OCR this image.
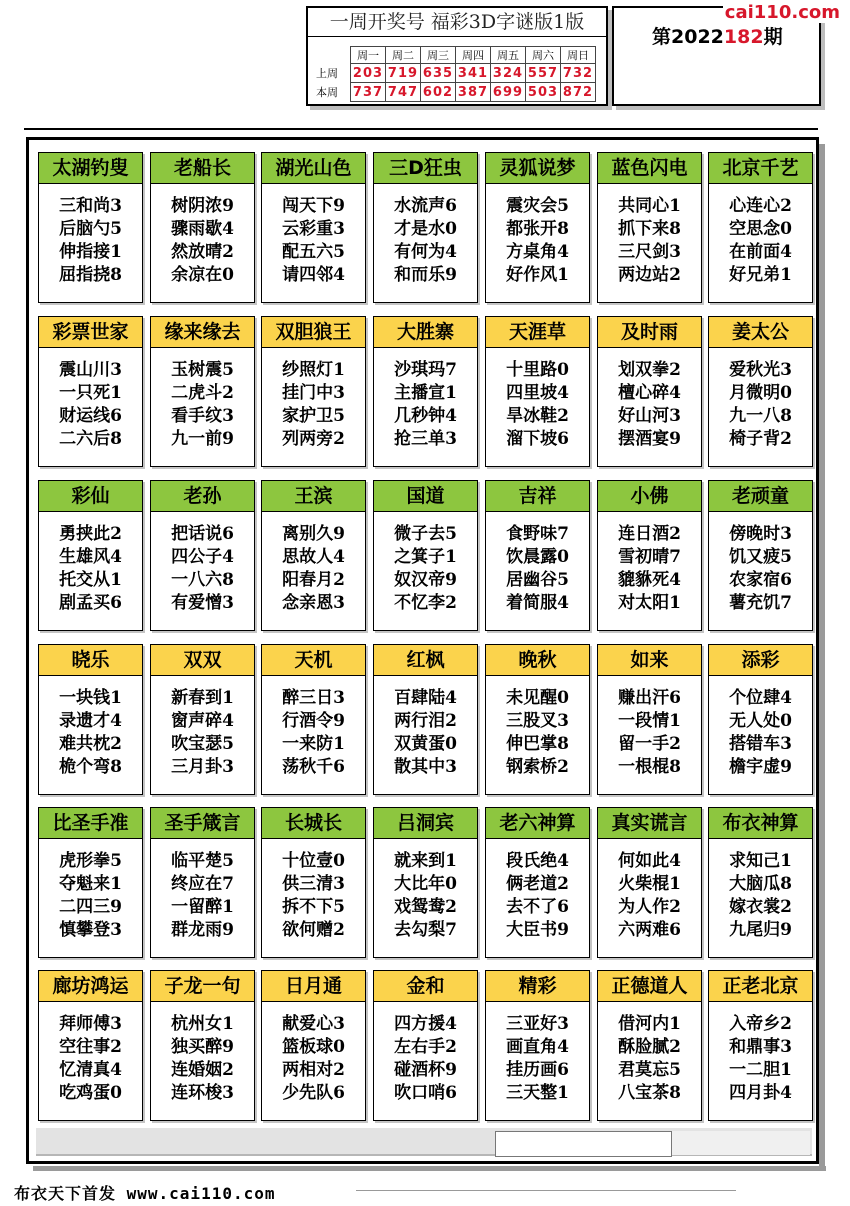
一周开奖号 福彩3D字谜版1版
	周一	周二	周三	周四	周五	周六	周日
上周	203	719	635	341	324	557	732
本周	737	747	602	387	699	503	872
第2022182期
cai110.com
太湖钓叟
三和尚3
后脑勺5
伸指接1
屈指挠8
老船长
树阴浓9
骤雨歇4
然放晴2
余凉在0
湖光山色
闯天下9
云彩重3
配五六5
请四邻4
三D狂虫
水流声6
才是水0
有何为4
和而乐9
灵狐说梦
震灾会5
都张开8
方桌角4
好作风1
蓝色闪电
共同心1
抓下来8
三尺剑3
两边站2
北京千艺
心连心2
空思念0
在前面4
好兄弟1
彩票世家
震山川3
一只死1
财运线6
二六后8
缘来缘去
玉树震5
二虎斗2
看手纹3
九一前9
双胆狼王
纱照灯1
挂门中3
家护卫5
列两旁2
大胜寨
沙琪玛7
主播宣1
几秒钟4
抢三单3
天涯草
十里路0
四里坡4
旱冰鞋2
溜下坡6
及时雨
划双拳2
檀心碎4
好山河3
摆酒宴9
姜太公
爱秋光3
月微明0
九一八8
椅子背2
彩仙
勇挟此2
生雄风4
托交从1
剧孟买6
老孙
把话说6
四公子4
一八六8
有爱憎3
王滨
离别久9
思故人4
阳春月2
念亲恩3
国道
微子去5
之箕子1
奴汉帝9
不忆李2
吉祥
食野味7
饮晨露0
居幽谷5
着简服4
小佛
连日酒2
雪初晴7
貔貅死4
对太阳1
老顽童
傍晚时3
饥又疲5
农家宿6
薯充饥7
晓乐
一块钱1
录遗才4
难共枕2
桅个弯8
双双
新春到1
窗声碎4
吹宝瑟5
三月卦3
天机
醉三日3
行酒令9
一来防1
荡秋千6
红枫
百肆陆4
两行泪2
双黄蛋0
散其中3
晚秋
未见醒0
三股叉3
伸巴掌8
钢索桥2
如来
赚出汗6
一段情1
留一手2
一根棍8
添彩
个位肆4
无人处0
搭错车3
檐宇虚9
比圣手准
虎形拳5
夺魁来1
二四三9
慎攀登3
圣手箴言
临平楚5
终应在7
一留醉1
群龙雨9
长城长
十位壹0
供三清3
拆不下5
欲何赠2
吕洞宾
就来到1
大比年0
戏鸳鸯2
去勾梨7
老六神算
段氏绝4
俩老道2
去不了6
大臣书9
真实谎言
何如此4
火柴棍1
为人作2
六两难6
布衣神算
求知己1
大脑瓜8
嫁衣裳2
九尾归9
廊坊鸿运
拜师傅3
空往事2
忆清真4
吃鸡蛋0
子龙一句
杭州女1
独买醉9
连婚姻2
连环梭3
日月通
献爱心3
篮板球0
两相对2
少先队6
金和
四方援4
左右手2
碰酒杯9
吹口哨6
精彩
三亚好3
画直角4
挂历画6
三天整1
正德道人
借河内1
酥脸腻2
君莫忘5
八宝茶8
正老北京
入帝乡2
和鼎事3
一二胆1
四月卦4
布衣天下首发 www.cai110.com
